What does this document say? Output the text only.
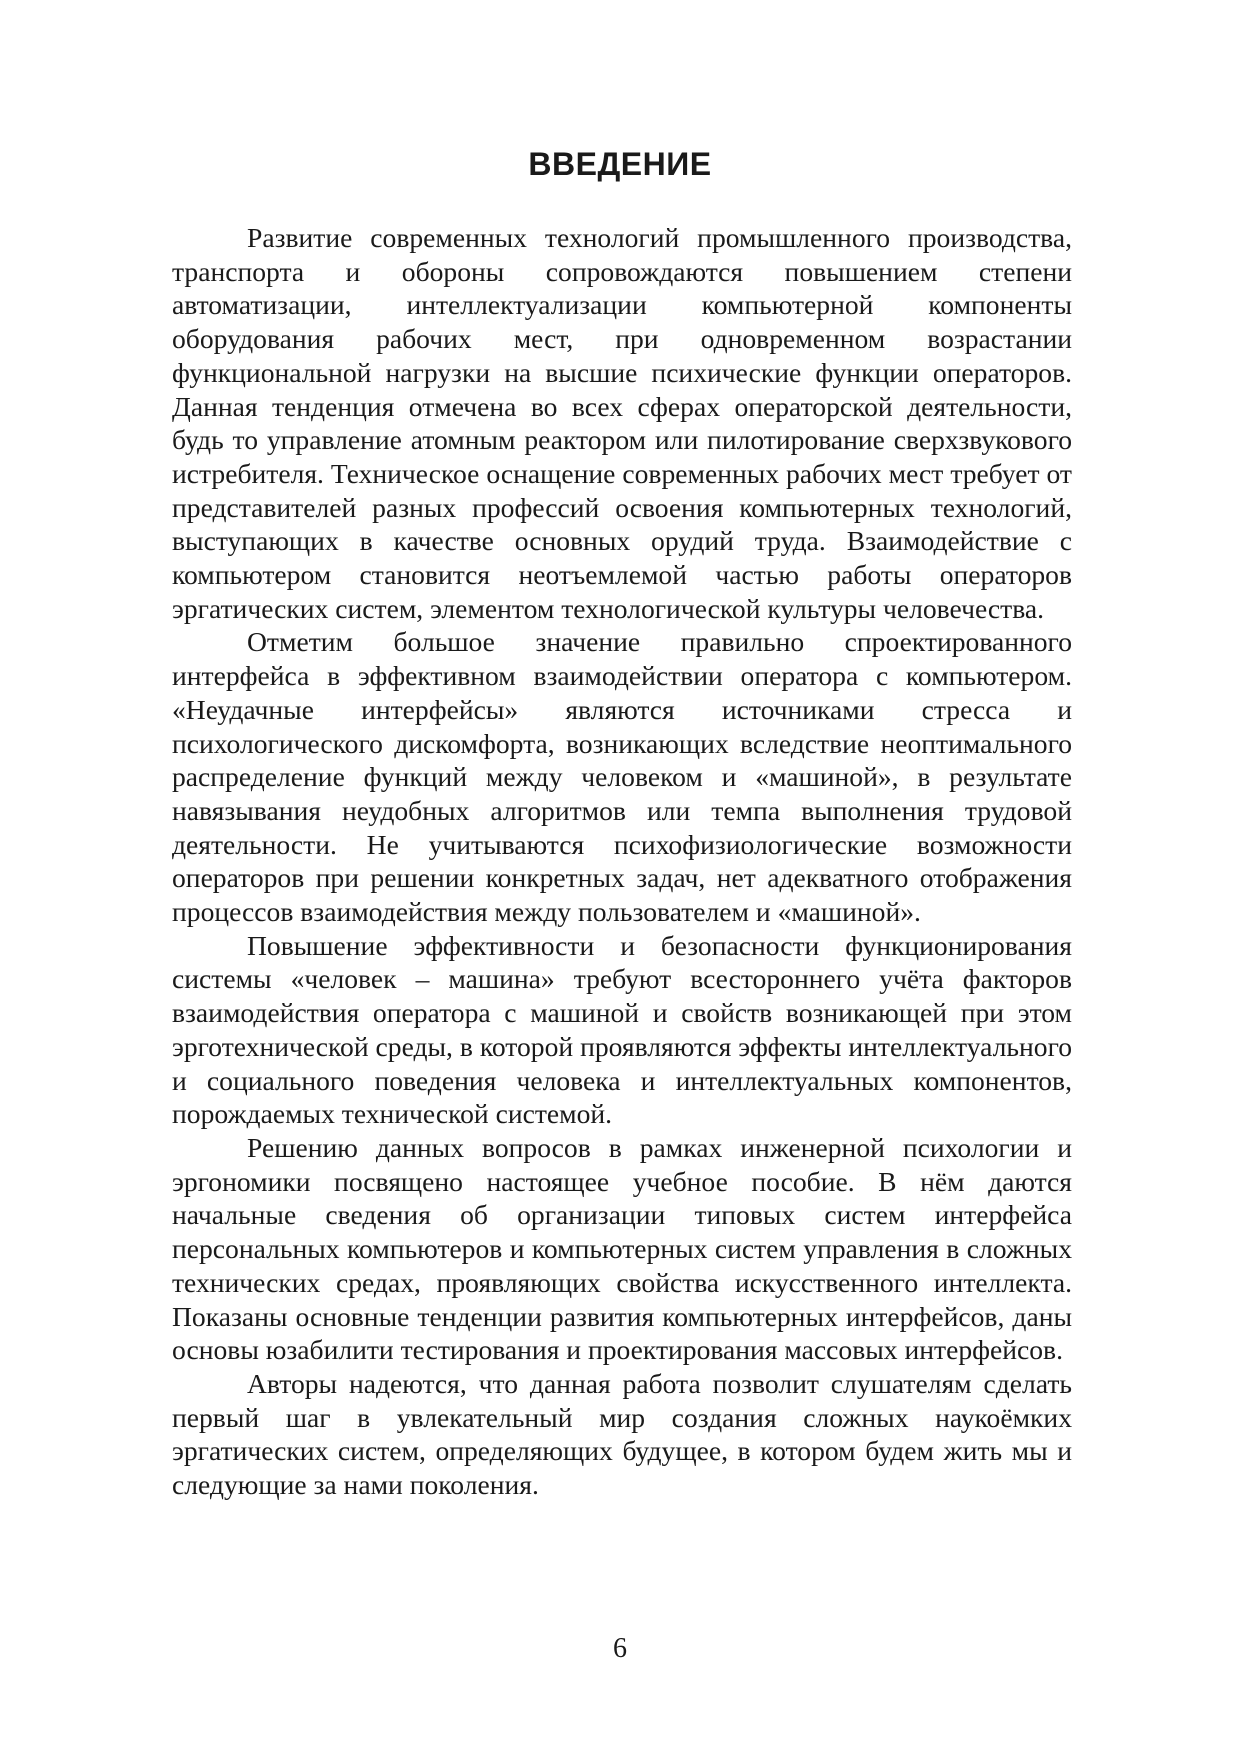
ВВЕДЕНИЕ

Развитие современных технологий промышленного производства, транспорта и обороны сопровождаются повышением степени автоматизации, интеллектуализации компьютерной компоненты оборудования рабочих мест, при одновременном возрастании функциональной нагрузки на высшие психические функции операторов. Данная тенденция отмечена во всех сферах операторской деятельности, будь то управление атомным реактором или пилотирование сверхзвукового истребителя. Техническое оснащение современных рабочих мест требует от представителей разных профессий освоения компьютерных технологий, выступающих в качестве основных орудий труда. Взаимодействие с компьютером становится неотъемлемой частью работы операторов эргатических систем, элементом технологической культуры человечества.

Отметим большое значение правильно спроектированного интерфейса в эффективном взаимодействии оператора с компьютером. «Неудачные интерфейсы» являются источниками стресса и психологического дискомфорта, возникающих вследствие неоптимального распределение функций между человеком и «машиной», в результате навязывания неудобных алгоритмов или темпа выполнения трудовой деятельности. Не учитываются психофизиологические возможности операторов при решении конкретных задач, нет адекватного отображения процессов взаимодействия между пользователем и «машиной».

Повышение эффективности и безопасности функционирования системы «человек – машина» требуют всестороннего учёта факторов взаимодействия оператора с машиной и свойств возникающей при этом эрготехнической среды, в которой проявляются эффекты интеллектуального и социального поведения человека и интеллектуальных компонентов, порождаемых технической системой.

Решению данных вопросов в рамках инженерной психологии и эргономики посвящено настоящее учебное пособие. В нём даются начальные сведения об организации типовых систем интерфейса персональных компьютеров и компьютерных систем управления в сложных технических средах, проявляющих свойства искусственного интеллекта. Показаны основные тенденции развития компьютерных интерфейсов, даны основы юзабилити тестирования и проектирования массовых интерфейсов.

Авторы надеются, что данная работа позволит слушателям сделать первый шаг в увлекательный мир создания сложных наукоёмких эргатических систем, определяющих будущее, в котором будем жить мы и следующие за нами поколения.

6
